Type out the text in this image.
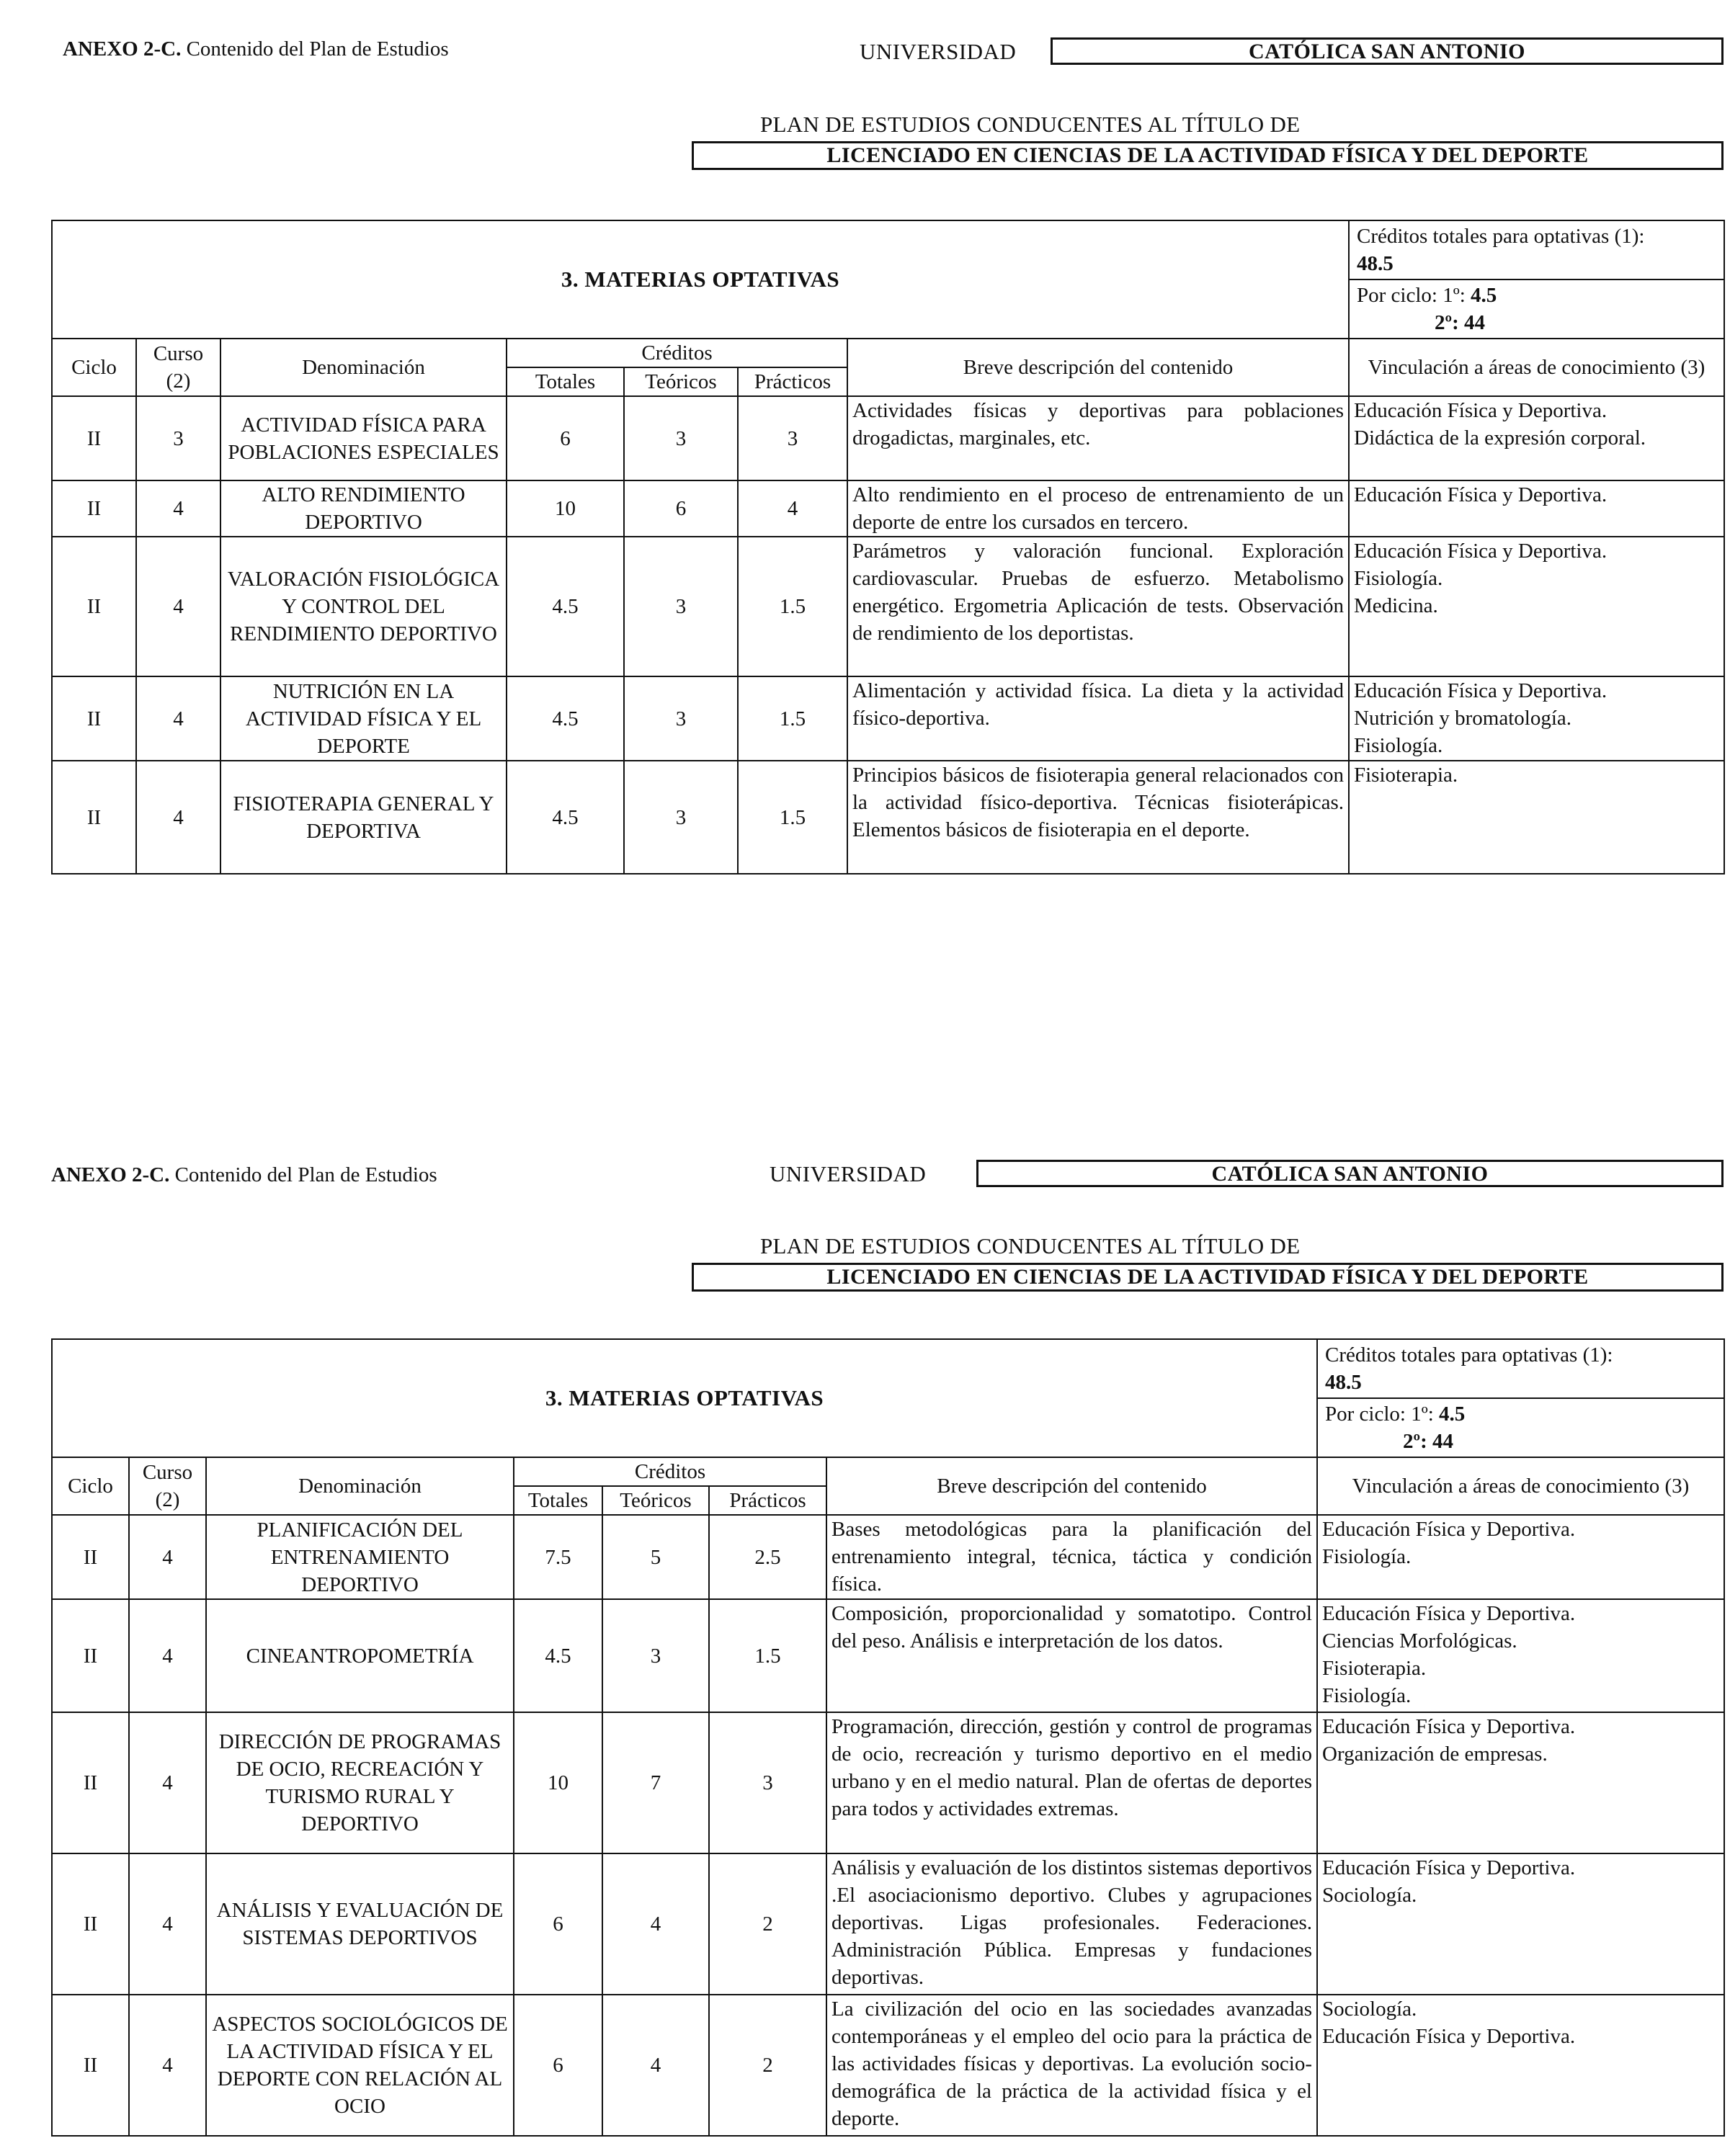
ANEXO 2-C. Contenido del Plan de Estudios	UNIVERSIDAD	CATÓLICA SAN ANTONIO
PLAN DE ESTUDIOS CONDUCENTES AL TÍTULO DE
LICENCIADO EN CIENCIAS DE LA ACTIVIDAD FÍSICA Y DEL DEPORTE
3. MATERIAS OPTATIVAS							Créditos totales para optativas (1):
48.5

							Por ciclo: 1º: 4.5
2º: 44

Ciclo	Curso (2)	Denominación	Créditos			Breve descripción del contenido	Vinculación a áreas de conocimiento (3)
			Totales	Teóricos	Prácticos		
II	3	ACTIVIDAD FÍSICA PARA POBLACIONES ESPECIALES	6	3	3	Actividades físicas y deportivas para poblaciones drogadictas, marginales, etc.	Educación Física y Deportiva.
Didáctica de la expresión corporal.

II	4	ALTO RENDIMIENTO DEPORTIVO	10	6	4	Alto rendimiento en el proceso de entrenamiento de un deporte de entre los cursados en tercero.	Educación Física y Deportiva.

II	4	VALORACIÓN FISIOLÓGICA Y CONTROL DEL RENDIMIENTO DEPORTIVO	4.5	3	1.5	Parámetros y valoración funcional. Exploración cardiovascular. Pruebas de esfuerzo. Metabolismo energético. Ergometria Aplicación de tests. Observación de rendimiento de los deportistas.	Educación Física y Deportiva.
Fisiología.
Medicina.

II	4	NUTRICIÓN EN LA ACTIVIDAD FÍSICA Y EL DEPORTE	4.5	3	1.5	Alimentación y actividad física. La dieta y la actividad físico-deportiva.	Educación Física y Deportiva.
Nutrición y bromatología.
Fisiología.

II	4	FISIOTERAPIA GENERAL Y DEPORTIVA	4.5	3	1.5	Principios básicos de fisioterapia general relacionados con la actividad físico-deportiva. Técnicas fisioterápicas. Elementos básicos de fisioterapia en el deporte.	Fisioterapia.
ANEXO 2-C. Contenido del Plan de Estudios	UNIVERSIDAD	CATÓLICA SAN ANTONIO
PLAN DE ESTUDIOS CONDUCENTES AL TÍTULO DE
LICENCIADO EN CIENCIAS DE LA ACTIVIDAD FÍSICA Y DEL DEPORTE
3. MATERIAS OPTATIVAS							Créditos totales para optativas (1):
48.5

							Por ciclo: 1º: 4.5
2º: 44

Ciclo	Curso (2)	Denominación	Créditos			Breve descripción del contenido	Vinculación a áreas de conocimiento (3)
			Totales	Teóricos	Prácticos		
II	4	PLANIFICACIÓN DEL ENTRENAMIENTO DEPORTIVO	7.5	5	2.5	Bases metodológicas para la planificación del entrenamiento integral, técnica, táctica y condición física.	Educación Física y Deportiva.
Fisiología.

II	4	CINEANTROPOMETRÍA	4.5	3	1.5	Composición, proporcionalidad y somatotipo. Control del peso. Análisis e interpretación de los datos.	Educación Física y Deportiva.
Ciencias Morfológicas.
Fisioterapia.
Fisiología.

II	4	DIRECCIÓN DE PROGRAMAS DE OCIO, RECREACIÓN Y TURISMO RURAL Y DEPORTIVO	10	7	3	Programación, dirección, gestión y control de programas de ocio, recreación y turismo deportivo en el medio urbano y en el medio natural. Plan de ofertas de deportes para todos y actividades extremas.	Educación Física y Deportiva.
Organización de empresas.

II	4	ANÁLISIS Y EVALUACIÓN DE SISTEMAS DEPORTIVOS	6	4	2	Análisis y evaluación de los distintos sistemas deportivos .El asociacionismo deportivo. Clubes y agrupaciones deportivas. Ligas profesionales. Federaciones. Administración Pública. Empresas y fundaciones deportivas.	Educación Física y Deportiva.
Sociología.

II	4	ASPECTOS SOCIOLÓGICOS DE LA ACTIVIDAD FÍSICA Y EL DEPORTE CON RELACIÓN AL OCIO	6	4	2	La civilización del ocio en las sociedades avanzadas contemporáneas y el empleo del ocio para la práctica de las actividades físicas y deportivas. La evolución socio-demográfica de la práctica de la actividad física y el deporte.	Sociología.
Educación Física y Deportiva.
